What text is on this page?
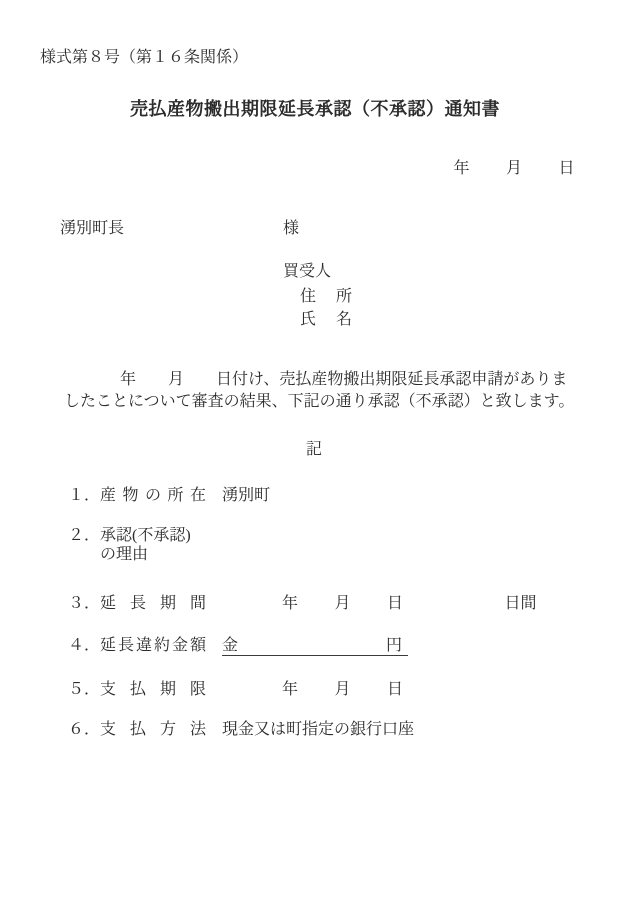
様式第８号（第１６条関係）
売払産物搬出期限延長承認（不承認）通知書
年　　月　　日
湧別町長	様
買受人
住　所
氏　名
年　　月　　日付け、売払産物搬出期限延長承認申請がありま
したことについて審査の結果、下記の通り承認（不承認）と致します。
記
１． 産物の所在 湧別町
２． 承認(不承認)
の理由
３． 延長期間	年　　月　　日	日間
４． 延長違約金額 金	円
５． 支払期限	年　　月　　日
６． 支払方法 現金又は町指定の銀行口座
